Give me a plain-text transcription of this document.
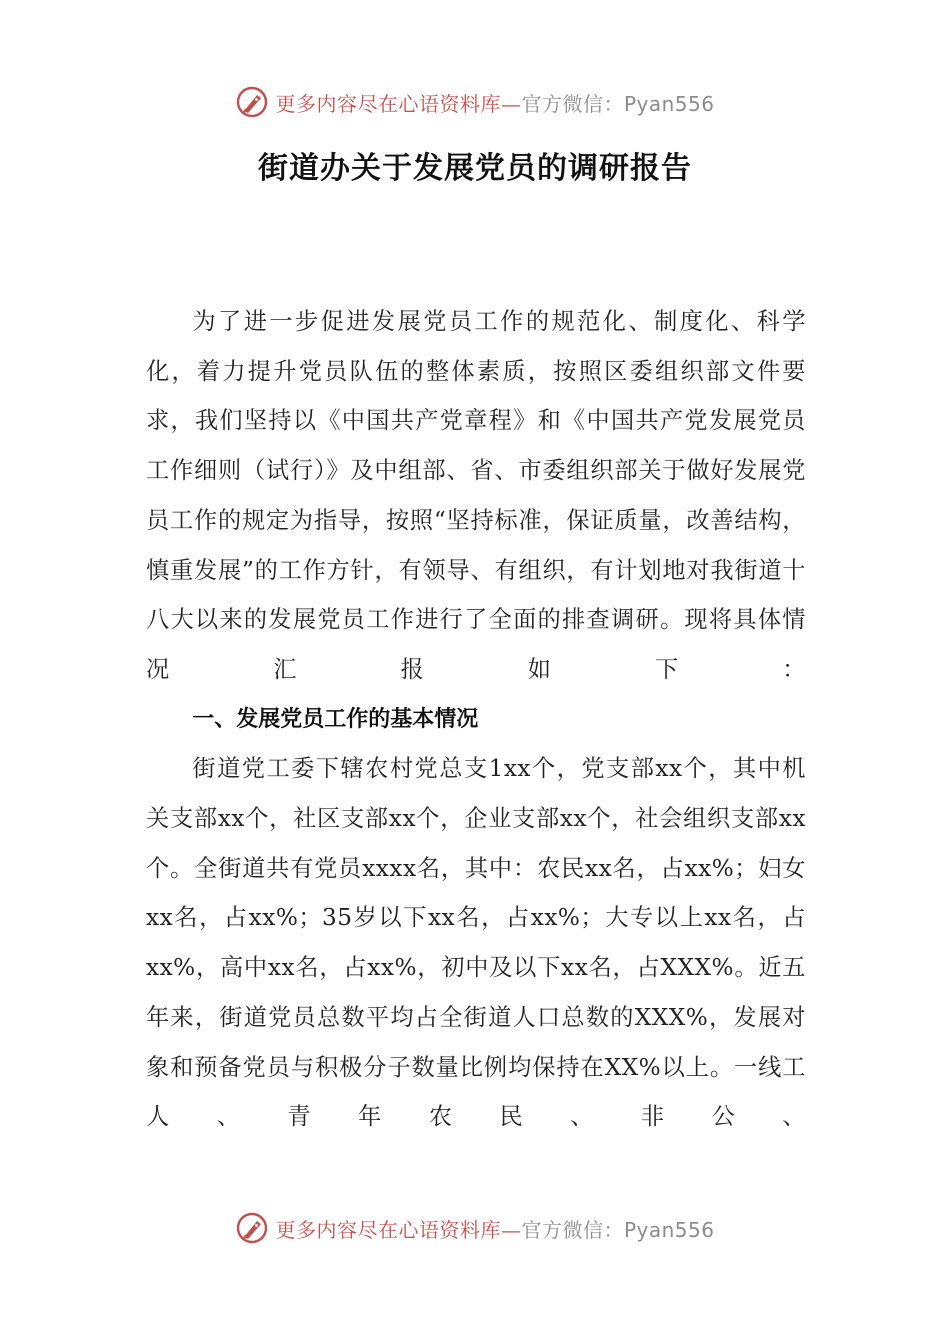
更多内容尽在心语资料库—官方微信：Pyan556
街道办关于发展党员的调研报告

为了进一步促进发展党员工作的规范化、制度化、科学化，着力提升党员队伍的整体素质，按照区委组织部文件要求，我们坚持以《中国共产党章程》和《中国共产党发展党员工作细则（试行）》及中组部、省、市委组织部关于做好发展党员工作的规定为指导，按照“坚持标准，保证质量，改善结构，慎重发展”的工作方针，有领导、有组织，有计划地对我街道十八大以来的发展党员工作进行了全面的排查调研。现将具体情况汇报如下：

一、发展党员工作的基本情况

街道党工委下辖农村党总支1xx个，党支部xx个，其中机关支部xx个，社区支部xx个，企业支部xx个，社会组织支部xx个。全街道共有党员xxxx名，其中：农民xx名，占xx%；妇女xx名，占xx%；35岁以下xx名，占xx%；大专以上xx名，占xx%，高中xx名，占xx%，初中及以下xx名，占XXX%。近五年来，街道党员总数平均占全街道人口总数的XXX%，发展对象和预备党员与积极分子数量比例均保持在XX%以上。一线工人、青年农民、非公、

更多内容尽在心语资料库—官方微信：Pyan556
